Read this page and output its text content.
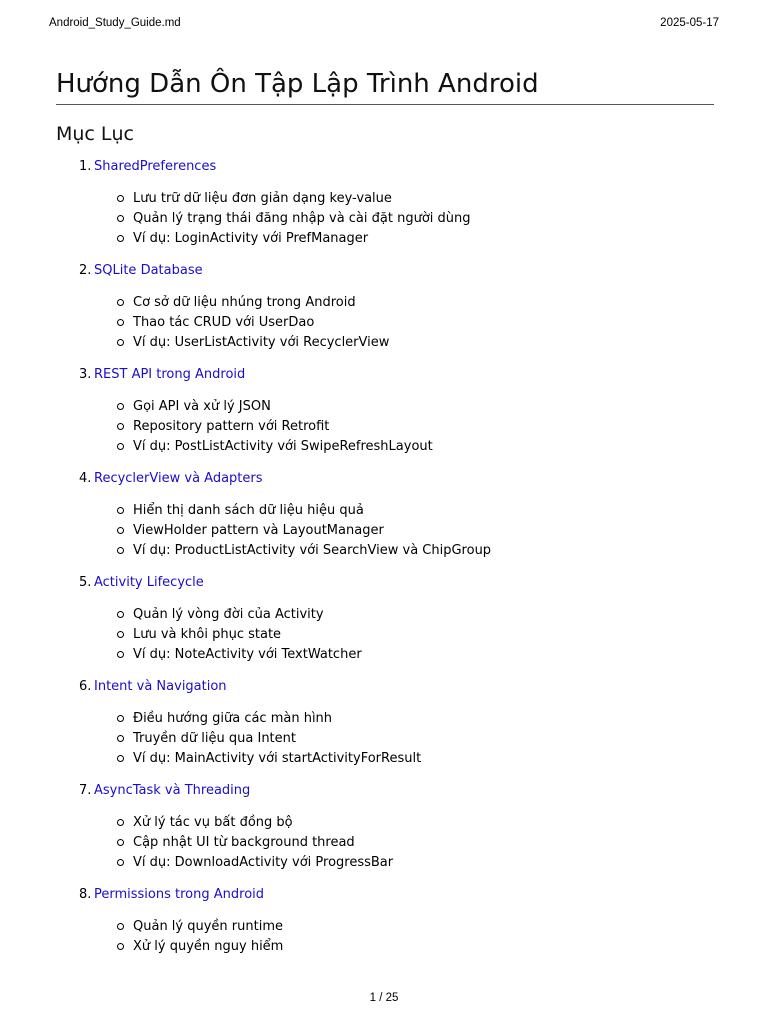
Android_Study_Guide.md	2025-05-17
Hướng Dẫn Ôn Tập Lập Trình Android
Mục Lục
1. SharedPreferences
Lưu trữ dữ liệu đơn giản dạng key-value
Quản lý trạng thái đăng nhập và cài đặt người dùng
Ví dụ: LoginActivity với PrefManager
2. SQLite Database
Cơ sở dữ liệu nhúng trong Android
Thao tác CRUD với UserDao
Ví dụ: UserListActivity với RecyclerView
3. REST API trong Android
Gọi API và xử lý JSON
Repository pattern với Retrofit
Ví dụ: PostListActivity với SwipeRefreshLayout
4. RecyclerView và Adapters
Hiển thị danh sách dữ liệu hiệu quả
ViewHolder pattern và LayoutManager
Ví dụ: ProductListActivity với SearchView và ChipGroup
5. Activity Lifecycle
Quản lý vòng đời của Activity
Lưu và khôi phục state
Ví dụ: NoteActivity với TextWatcher
6. Intent và Navigation
Điều hướng giữa các màn hình
Truyền dữ liệu qua Intent
Ví dụ: MainActivity với startActivityForResult
7. AsyncTask và Threading
Xử lý tác vụ bất đồng bộ
Cập nhật UI từ background thread
Ví dụ: DownloadActivity với ProgressBar
8. Permissions trong Android
Quản lý quyền runtime
Xử lý quyền nguy hiểm
1 / 25
